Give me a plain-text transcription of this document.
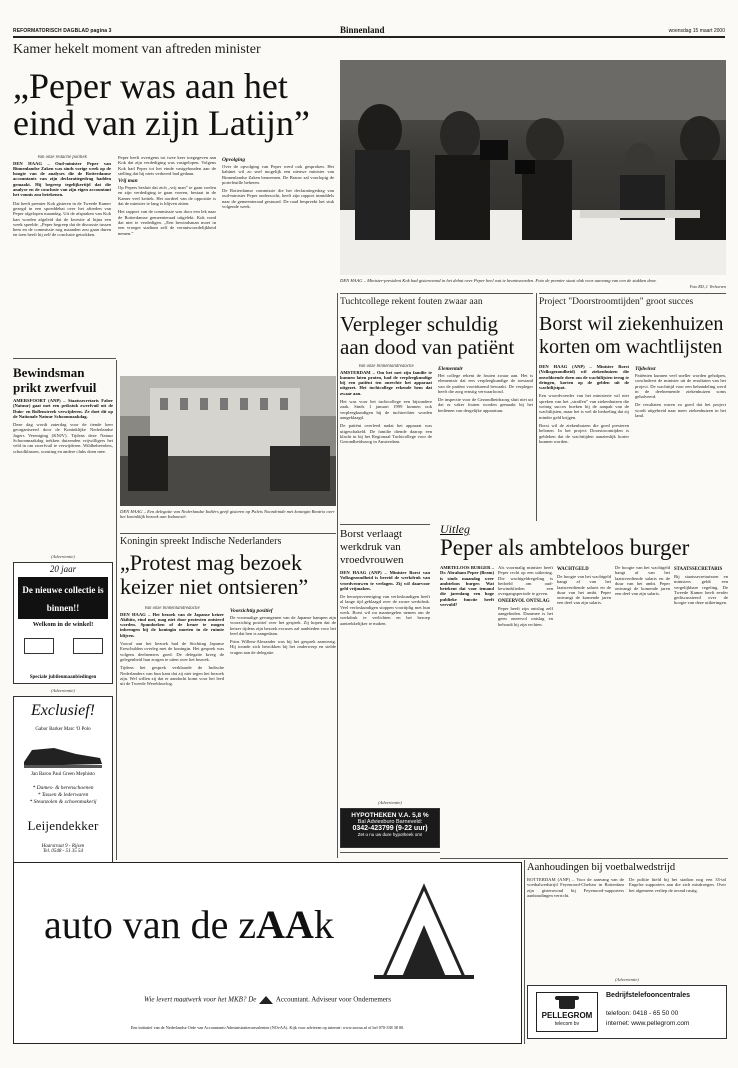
REFORMATORISCH DAGBLAD pagina 3	Binnenland	woensdag 15 maart 2000
Kamer hekelt moment van aftreden minister
„Peper was aan het
eind van zijn Latijn”
DEN HAAG – Minister-president Kok had gisteravond in het debat over Peper heel wat te beantwoorden. Foto de premier staat vlak voor aanvang van een de stukken door.
Foto RD, J. Verhoeven
Van onze redactie politiek

DEN HAAG – Oud-minister Peper van Binnenlandse Zaken was sinds vorige week op de hoogte van de analyses die de Rotterdamse accountants van zijn declaratiegedrag hadden gemaakt. Hij begreep tegelijkertijd dat die analyse en de conclusie van zijn eigen accountant het vonnis zou betekenen.

Dat heeft premier Kok gisteren in de Tweede Kamer gezegd in een spoeddebat over het aftreden van Peper afgelopen maandag. Uit de afspraken van Kok kan worden afgeleid dat de kwestie al bijna een week speelde. „Peper begreep dat de discussie tussen hem en de commissie nog maanden zou gaan duren en toen heeft hij zelf de conclusie getrokken.

Peper heeft overigens tot twee keer toegegeven aan Kok dat zijn verdediging was vastgelopen. Volgens Kok had Peper tot het einde vastgehouden aan de stelling dat hij niets verkeerd had gedaan.

Vrij man

Op Pepers besluit dat zich „vrij man” te gaan voelen en zijn verdediging te gaan voeren, bestaat in de Kamer veel kritiek. Het oordeel van de oppositie is dat de minister te lang is blijven zitten.

Het rapport van de commissie was door een lek naar de Rotterdamse gemeenteraad uitgelekt. Kok vond dat niet te verdedigen. „Een bewindsman moet in een vroeger stadium zelf de verantwoordelijkheid nemen.”

Opvolging

Over de opvolging van Peper werd ook gesproken. Het kabinet wil zo snel mogelijk een nieuwe minister van Binnenlandse Zaken benoemen. De Brauw zal voorlopig de portefeuille beheren.

De Rotterdamse commissie die het declaratiegedrag van oud-minister Peper onderzocht, heeft zijn rapport inmiddels naar de gemeenteraad gestuurd. De raad bespreekt het stuk volgende week.

Bewindsman prikt zwerfvuil

AMERSFOORT (ANP) – Staatssecretaris Faber (Natuur) gaat met een prikstok zwerfvuil uit de Duin- en Bollenstreek verwijderen. Ze doet dit op de Nationale Natuur Schoonmaakdag.

Deze dag wordt zaterdag voor de tiende keer georganiseerd door de Koninklijke Nederlandse Jagers Vereniging (KNJV). Tijdens deze Natuur Schoonmaakdag trekken duizenden vrijwilligers het veld in om zwerfvuil te verwijderen. Wildbeheerders, schoolklassen, scouting en andere clubs doen mee.

(Advertentie)
20 jaar
De nieuwe collectie is binnen!!
Welkom in de winkel!
Speciale jubileumaanbiedingen
(Advertentie)
Exclusief!
Gabor Barker Marc 'O Polo
Jan Baron Paul Green Mephisto
* Dames- & herenschoenen
* Tassen & lederwaren
* Steunzolen & schoenmakerij
Leijendekker
Haarstraat 9 - Rijsen
Tel. 0548 - 51 35 54
DEN HAAG – Een delegatie van Nederlandse Indiërs geeft gisteren op Paleis Noordeinde met koningin Beatrix over het koninklijk bezoek aan Indonesië.
Koningin spreekt Indische Nederlanders
„Protest mag bezoek
keizer niet ontsieren”
Van onze binnenlandredactie

DEN HAAG – Het bezoek van de Japanse keizer Akihito, eind mei, mag niet door protesten ontsierd worden. Spandoeken of de keuze te mogen inbrengen bij de koningin moeten in de ruimte blijven.

Vooraf aan het bezoek had de Stichting Japanse Ereschulden overleg met de koningin. Het gesprek was volgens deelnemers goed. De delegatie kreeg de gelegenheid hun zorgen te uiten over het bezoek.

Tijdens het gesprek verklaarde de Indische Nederlanders van hun kant dat zij niet tegen het bezoek zijn. Wel willen zij dat er aandacht komt voor het leed uit de Tweede Wereldoorlog.

Voorzichtig positief

De voormalige gevangenen van de Japanse kampen zijn voorzichtig positief over het gesprek. Zij hopen dat de keizer tijdens zijn bezoek excuses zal aanbieden voor het leed dat hen is aangedaan.

Prins Willem-Alexander was bij het gesprek aanwezig. Hij toonde zich betrokken bij het onderwerp en stelde vragen aan de delegatie.

Tuchtcollege rekent fouten zwaar aan
Verpleger schuldig
aan dood van patiënt
Van onze binnenlandredactie

AMSTERDAM – Om het met zijn familie te kunnen laten praten, had de verpleegkundige bij een patiënt ten onrechte het apparaat uitgezet. Het tuchtcollege rekende hem dat zwaar aan.

Het was voor het tuchtcollege een bijzondere zaak. Sinds 1 januari 1999 kunnen ook verpleegkundigen bij de tuchtrechter worden aangeklaagd.

De patiënt overleed nadat het apparaat was uitgeschakeld. De familie diende daarop een klacht in bij het Regionaal Tuchtcollege voor de Gezondheidszorg in Amsterdam.

Elementair

Het college rekent de fouten zwaar aan. Het is elementair dat een verpleegkundige de toestand van de patiënt voortdurend bewaakt. De verpleger heeft die zorg ernstig verwaarloosd.

De inspectie voor de Gezondheidszorg sluit niet uit dat er vaker fouten worden gemaakt bij het bedienen van dergelijke apparatuur.

Project "Doorstroomtijden" groot succes
Borst wil ziekenhuizen
korten om wachtlijsten

DEN HAAG (ANP) – Minister Borst (Volksgezondheid) wil ziekenhuizen die onvoldoende doen om de wachtlijsten terug te dringen, korten op de gelden uit de wachtlijstpot.

Een woordvoerder van het ministerie wil niet spreken van het „straffen” van ziekenhuizen die weinig succes boeken bij de aanpak van de wachtlijsten, maar het is wel de bedoeling dat zij minder geld krijgen.

Borst wil de ziekenhuizen die goed presteren belonen. In het project Doorstroomtijden is gebleken dat de wachttijden aanzienlijk korter kunnen worden.

Tijdwinst

Patiënten kunnen veel sneller worden geholpen, concludeert de minister uit de resultaten van het project. De wachttijd voor een behandeling werd in de deelnemende ziekenhuizen soms gehalveerd.

De resultaten waren zo goed dat het project wordt uitgebreid naar meer ziekenhuizen in het land.

Borst verlaagt werkdruk van vroedvrouwen

DEN HAAG (ANP) – Minister Borst van Volksgezondheid is bereid de werkdruk van vroedvrouwen te verlagen. Zij wil daarvoor geld vrijmaken.

De beroepsvereniging van verloskundigen heeft al lange tijd geklaagd over de zware werkdruk. Veel verloskundigen stoppen voortijdig met hun werk. Borst wil nu maatregelen nemen om de werkdruk te verlichten en het beroep aantrekkelijker te maken.

(Advertentie)
HYPOTHEKEN V.A. 5,8 %
Bal Adviesburo Barneveld:
0342-423799 (9-22 uur)
Zet u nu uw dure hypotheek om!
Uitleg
Peper als ambteloos burger

AMBTELOOS BURGER – Dr. Abraham Peper (Bram) is sinds maandag weer ambteloos burger. Wat betekent dat voor iemand die jarenlang een hoge publieke functie heeft vervuld?

Als voormalig minister heeft Peper recht op een uitkering. Die wachtgeldregeling is bedoeld om oud-bewindslieden een overgangsperiode te geven.

ONEERVOL ONTSLAG

Peper heeft zijn ontslag zelf aangeboden. Daarmee is het geen oneervol ontslag en behoudt hij zijn rechten.

WACHTGELD

De hoogte van het wachtgeld hangt af van het laatstverdiende salaris en de duur van het ambt. Peper ontvangt de komende jaren een deel van zijn salaris.

De hoogte van het wachtgeld hangt af van het laatstverdiende salaris en de duur van het ambt. Peper ontvangt de komende jaren een deel van zijn salaris.

STAATSSECRETARIS

Bij staatssecretarissen en ministers geldt een vergelijkbare regeling. De Tweede Kamer heeft eerder gediscussieerd over de hoogte van deze uitkeringen.

Aanhoudingen bij voetbalwedstrijd

ROTTERDAM (ANP) – Voor de aanvang van de voetbalwedstrijd Feyenoord-Chelsea in Rotterdam zijn gisteravond bij Feyenoord-supporters aanhoudingen verricht.

De politie hield bij het stadion nog een 35-tal Engelse supporters aan die zich misdroegen. Over het algemeen verliep de avond rustig.

(Advertentie)
PELLEGROM
telecom bv
Bedrijfstelefooncentrales
telefoon: 0418 - 65 50 00
internet: www.pellegrom.com
auto van de zAAk
Wie levert maatwerk voor het MKB? De	Accountant. Adviseur voor Ondernemers
Een initiatief van de Nederlandse Orde van Accountants-Administratieconsulenten (NOvAA). Kijk voor adviezen op internet: www.novaa.nl of bel 070-338 38 00.
